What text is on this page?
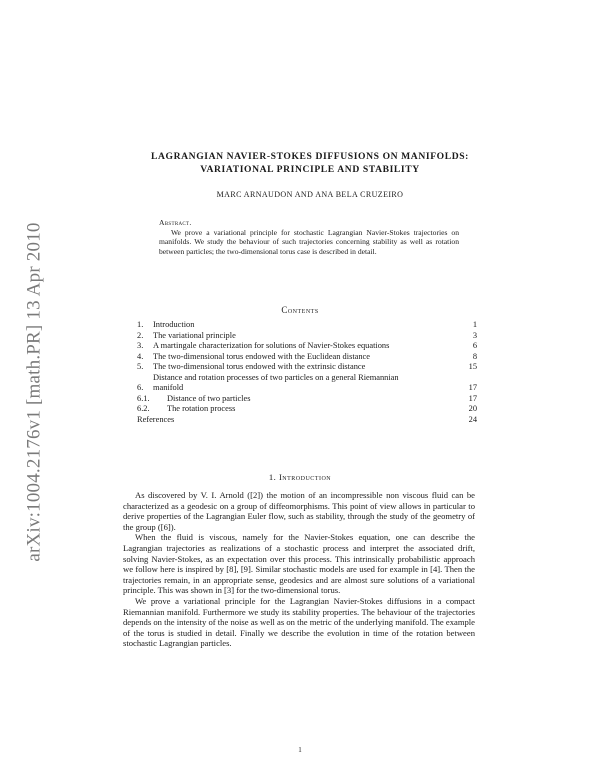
arXiv:1004.2176v1 [math.PR] 13 Apr 2010
LAGRANGIAN NAVIER-STOKES DIFFUSIONS ON MANIFOLDS:
VARIATIONAL PRINCIPLE AND STABILITY
MARC ARNAUDON AND ANA BELA CRUZEIRO
Abstract.

We prove a variational principle for stochastic Lagrangian Navier-Stokes trajectories on manifolds. We study the behaviour of such trajectories concerning stability as well as rotation between particles; the two-dimensional torus case is described in detail.

Contents
1.	Introduction	1
2.	The variational principle	3
3.	A martingale characterization for solutions of Navier-Stokes equations	6
4.	The two-dimensional torus endowed with the Euclidean distance	8
5.	The two-dimensional torus endowed with the extrinsic distance	15
6.
Distance and rotation processes of two particles on a general Riemannian
manifold	17
6.1.	Distance of two particles	17
6.2.	The rotation process	20
References	24
1. Introduction

As discovered by V. I. Arnold ([2]) the motion of an incompressible non viscous fluid can be characterized as a geodesic on a group of diffeomorphisms. This point of view allows in particular to derive properties of the Lagrangian Euler flow, such as stability, through the study of the geometry of the group ([6]).

When the fluid is viscous, namely for the Navier-Stokes equation, one can describe the Lagrangian trajectories as realizations of a stochastic process and interpret the associated drift, solving Navier-Stokes, as an expectation over this process. This intrinsically probabilistic approach we follow here is inspired by [8], [9]. Similar stochastic models are used for example in [4]. Then the trajectories remain, in an appropriate sense, geodesics and are almost sure solutions of a variational principle. This was shown in [3] for the two-dimensional torus.

We prove a variational principle for the Lagrangian Navier-Stokes diffusions in a compact Riemannian manifold. Furthermore we study its stability properties. The behaviour of the trajectories depends on the intensity of the noise as well as on the metric of the underlying manifold. The example of the torus is studied in detail. Finally we describe the evolution in time of the rotation between stochastic Lagrangian particles.

1
